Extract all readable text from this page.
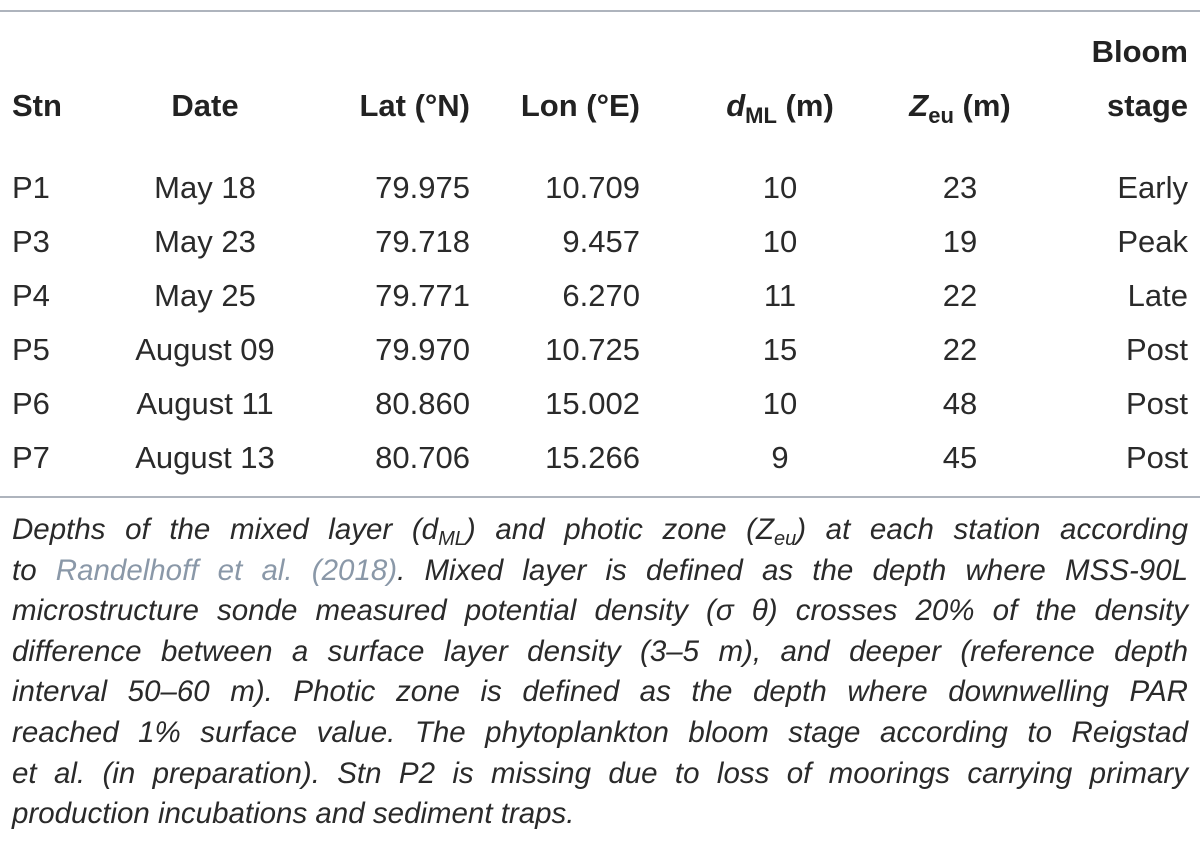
Bloom
Stn	Date	Lat (°N)	Lon (°E)	$d_{ML}$ (m)	$Z_{eu}$ (m)	stage
P1	May 18	79.975	10.709	10	23	Early
P3	May 23	79.718	9.457	10	19	Peak
P4	May 25	79.771	6.270	11	22	Late
P5	August 09	79.970	10.725	15	22	Post
P6	August 11	80.860	15.002	10	48	Post
P7	August 13	80.706	15.266	9	45	Post
Depths of the mixed layer $(d_{ML})$ and photic zone $(Z_{eu})$ at each station according
to Randelhoff et al. (2018). Mixed layer is defined as the depth where MSS-90L
microstructure sonde measured potential density (σ θ) crosses 20% of the density
difference between a surface layer density (3–5 m), and deeper (reference depth
interval 50–60 m). Photic zone is defined as the depth where downwelling PAR
reached 1% surface value. The phytoplankton bloom stage according to Reigstad
et al. (in preparation). Stn P2 is missing due to loss of moorings carrying primary
production incubations and sediment traps.
